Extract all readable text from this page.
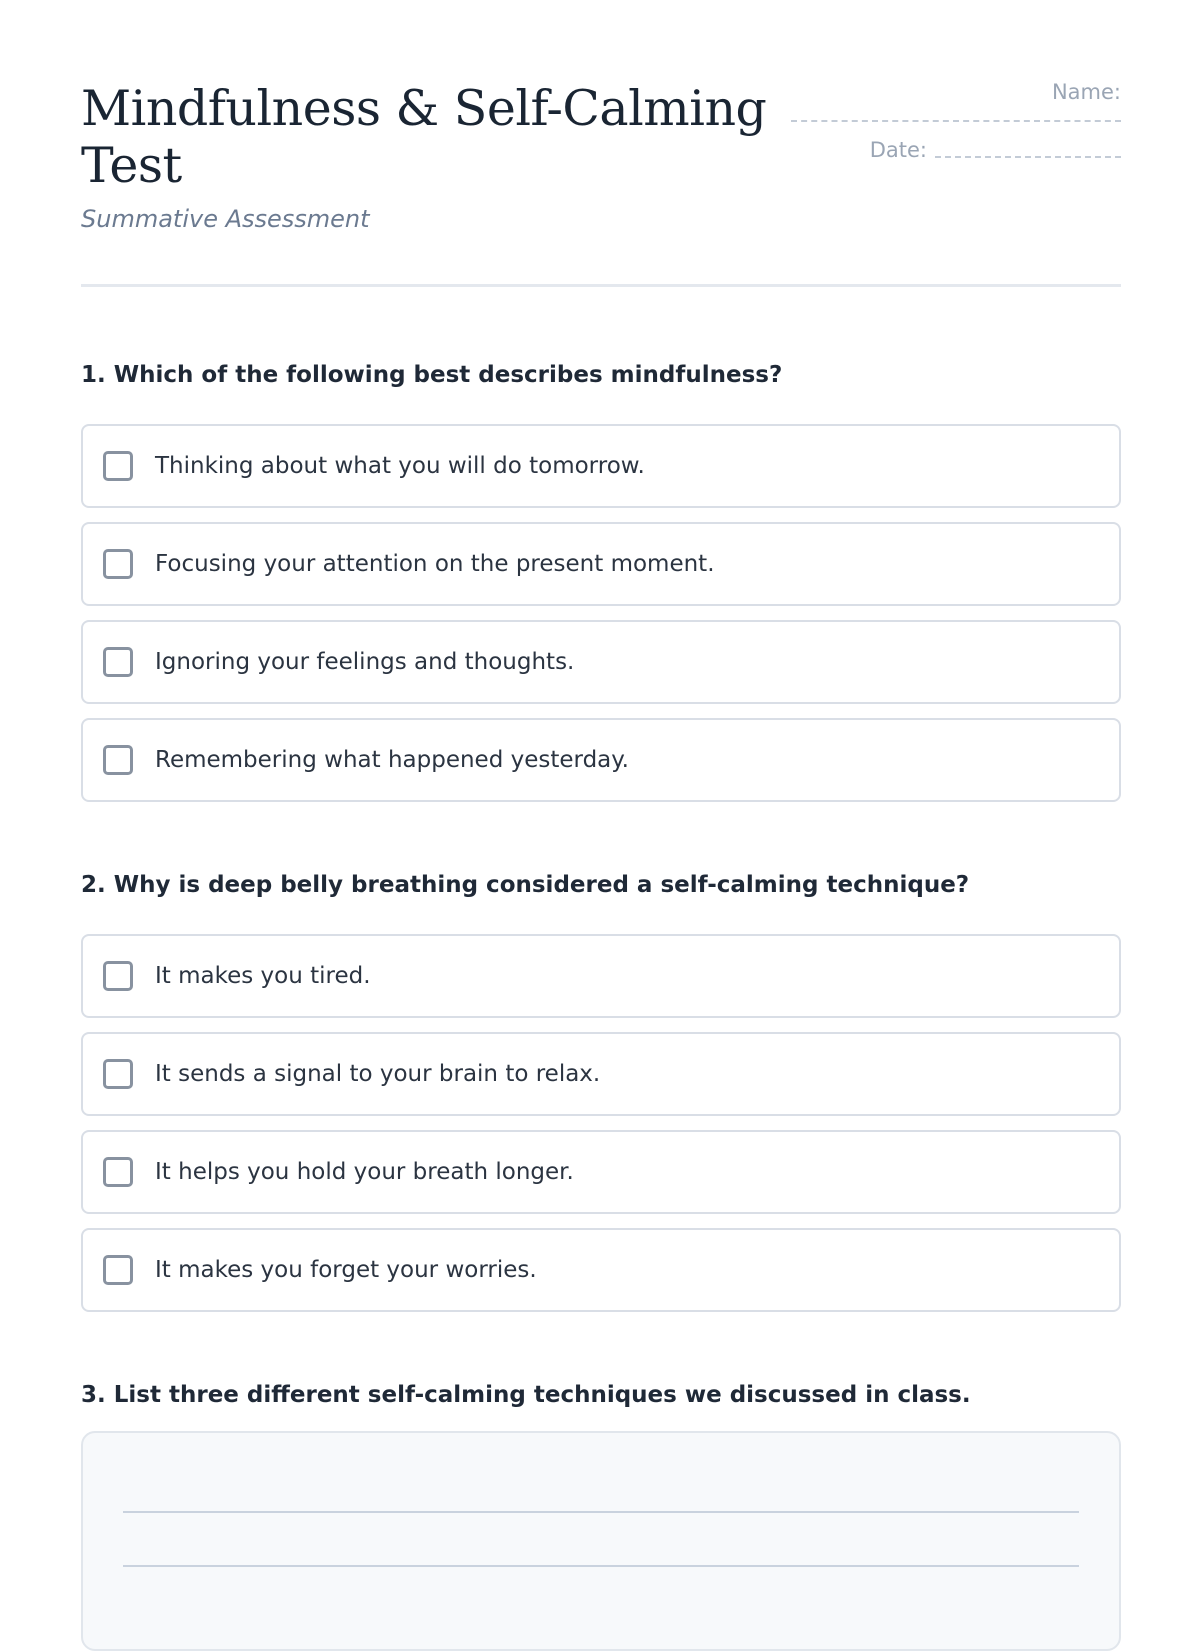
Mindfulness & Self-Calming Test
Summative Assessment
Name:
Date:

1. Which of the following best describes mindfulness?

Thinking about what you will do tomorrow.
Focusing your attention on the present moment.
Ignoring your feelings and thoughts.
Remembering what happened yesterday.

2. Why is deep belly breathing considered a self-calming technique?

It makes you tired.
It sends a signal to your brain to relax.
It helps you hold your breath longer.
It makes you forget your worries.

3. List three different self-calming techniques we discussed in class.
